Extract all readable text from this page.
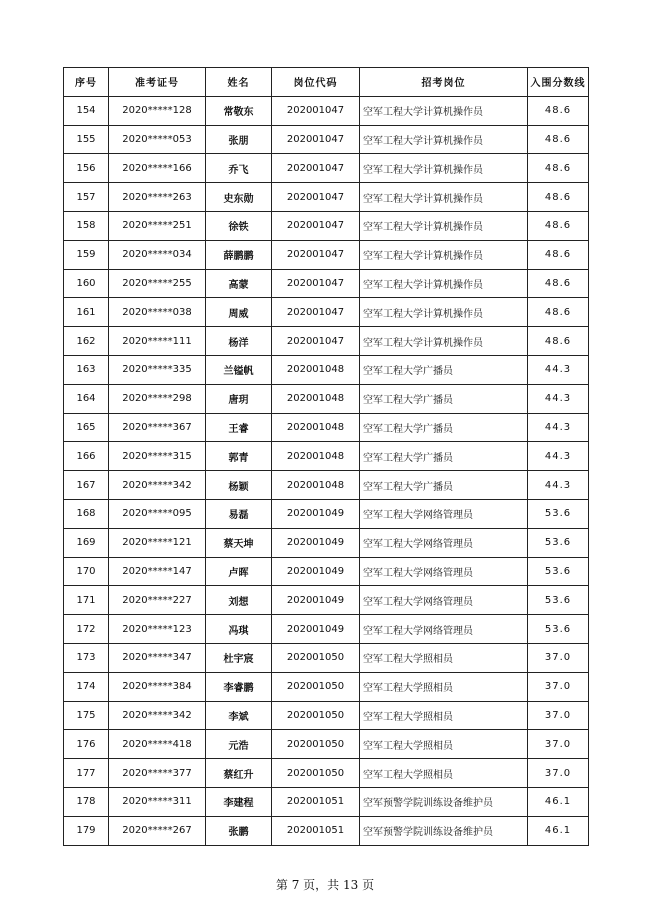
序号	准考证号	姓名	岗位代码	招考岗位	入围分数线
154	2020*****128	常敬东	202001047	空军工程大学计算机操作员	48.6
155	2020*****053	张朋	202001047	空军工程大学计算机操作员	48.6
156	2020*****166	乔飞	202001047	空军工程大学计算机操作员	48.6
157	2020*****263	史东勋	202001047	空军工程大学计算机操作员	48.6
158	2020*****251	徐铁	202001047	空军工程大学计算机操作员	48.6
159	2020*****034	薛鹏鹏	202001047	空军工程大学计算机操作员	48.6
160	2020*****255	高蒙	202001047	空军工程大学计算机操作员	48.6
161	2020*****038	周威	202001047	空军工程大学计算机操作员	48.6
162	2020*****111	杨洋	202001047	空军工程大学计算机操作员	48.6
163	2020*****335	兰镒帆	202001048	空军工程大学广播员	44.3
164	2020*****298	唐玥	202001048	空军工程大学广播员	44.3
165	2020*****367	王睿	202001048	空军工程大学广播员	44.3
166	2020*****315	郭青	202001048	空军工程大学广播员	44.3
167	2020*****342	杨颖	202001048	空军工程大学广播员	44.3
168	2020*****095	易磊	202001049	空军工程大学网络管理员	53.6
169	2020*****121	蔡天坤	202001049	空军工程大学网络管理员	53.6
170	2020*****147	卢晖	202001049	空军工程大学网络管理员	53.6
171	2020*****227	刘想	202001049	空军工程大学网络管理员	53.6
172	2020*****123	冯琪	202001049	空军工程大学网络管理员	53.6
173	2020*****347	杜宇宸	202001050	空军工程大学照相员	37.0
174	2020*****384	李睿鹏	202001050	空军工程大学照相员	37.0
175	2020*****342	李斌	202001050	空军工程大学照相员	37.0
176	2020*****418	元浩	202001050	空军工程大学照相员	37.0
177	2020*****377	蔡红升	202001050	空军工程大学照相员	37.0
178	2020*****311	李建程	202001051	空军预警学院训练设备维护员	46.1
179	2020*****267	张鹏	202001051	空军预警学院训练设备维护员	46.1
第 7 页，共 13 页
